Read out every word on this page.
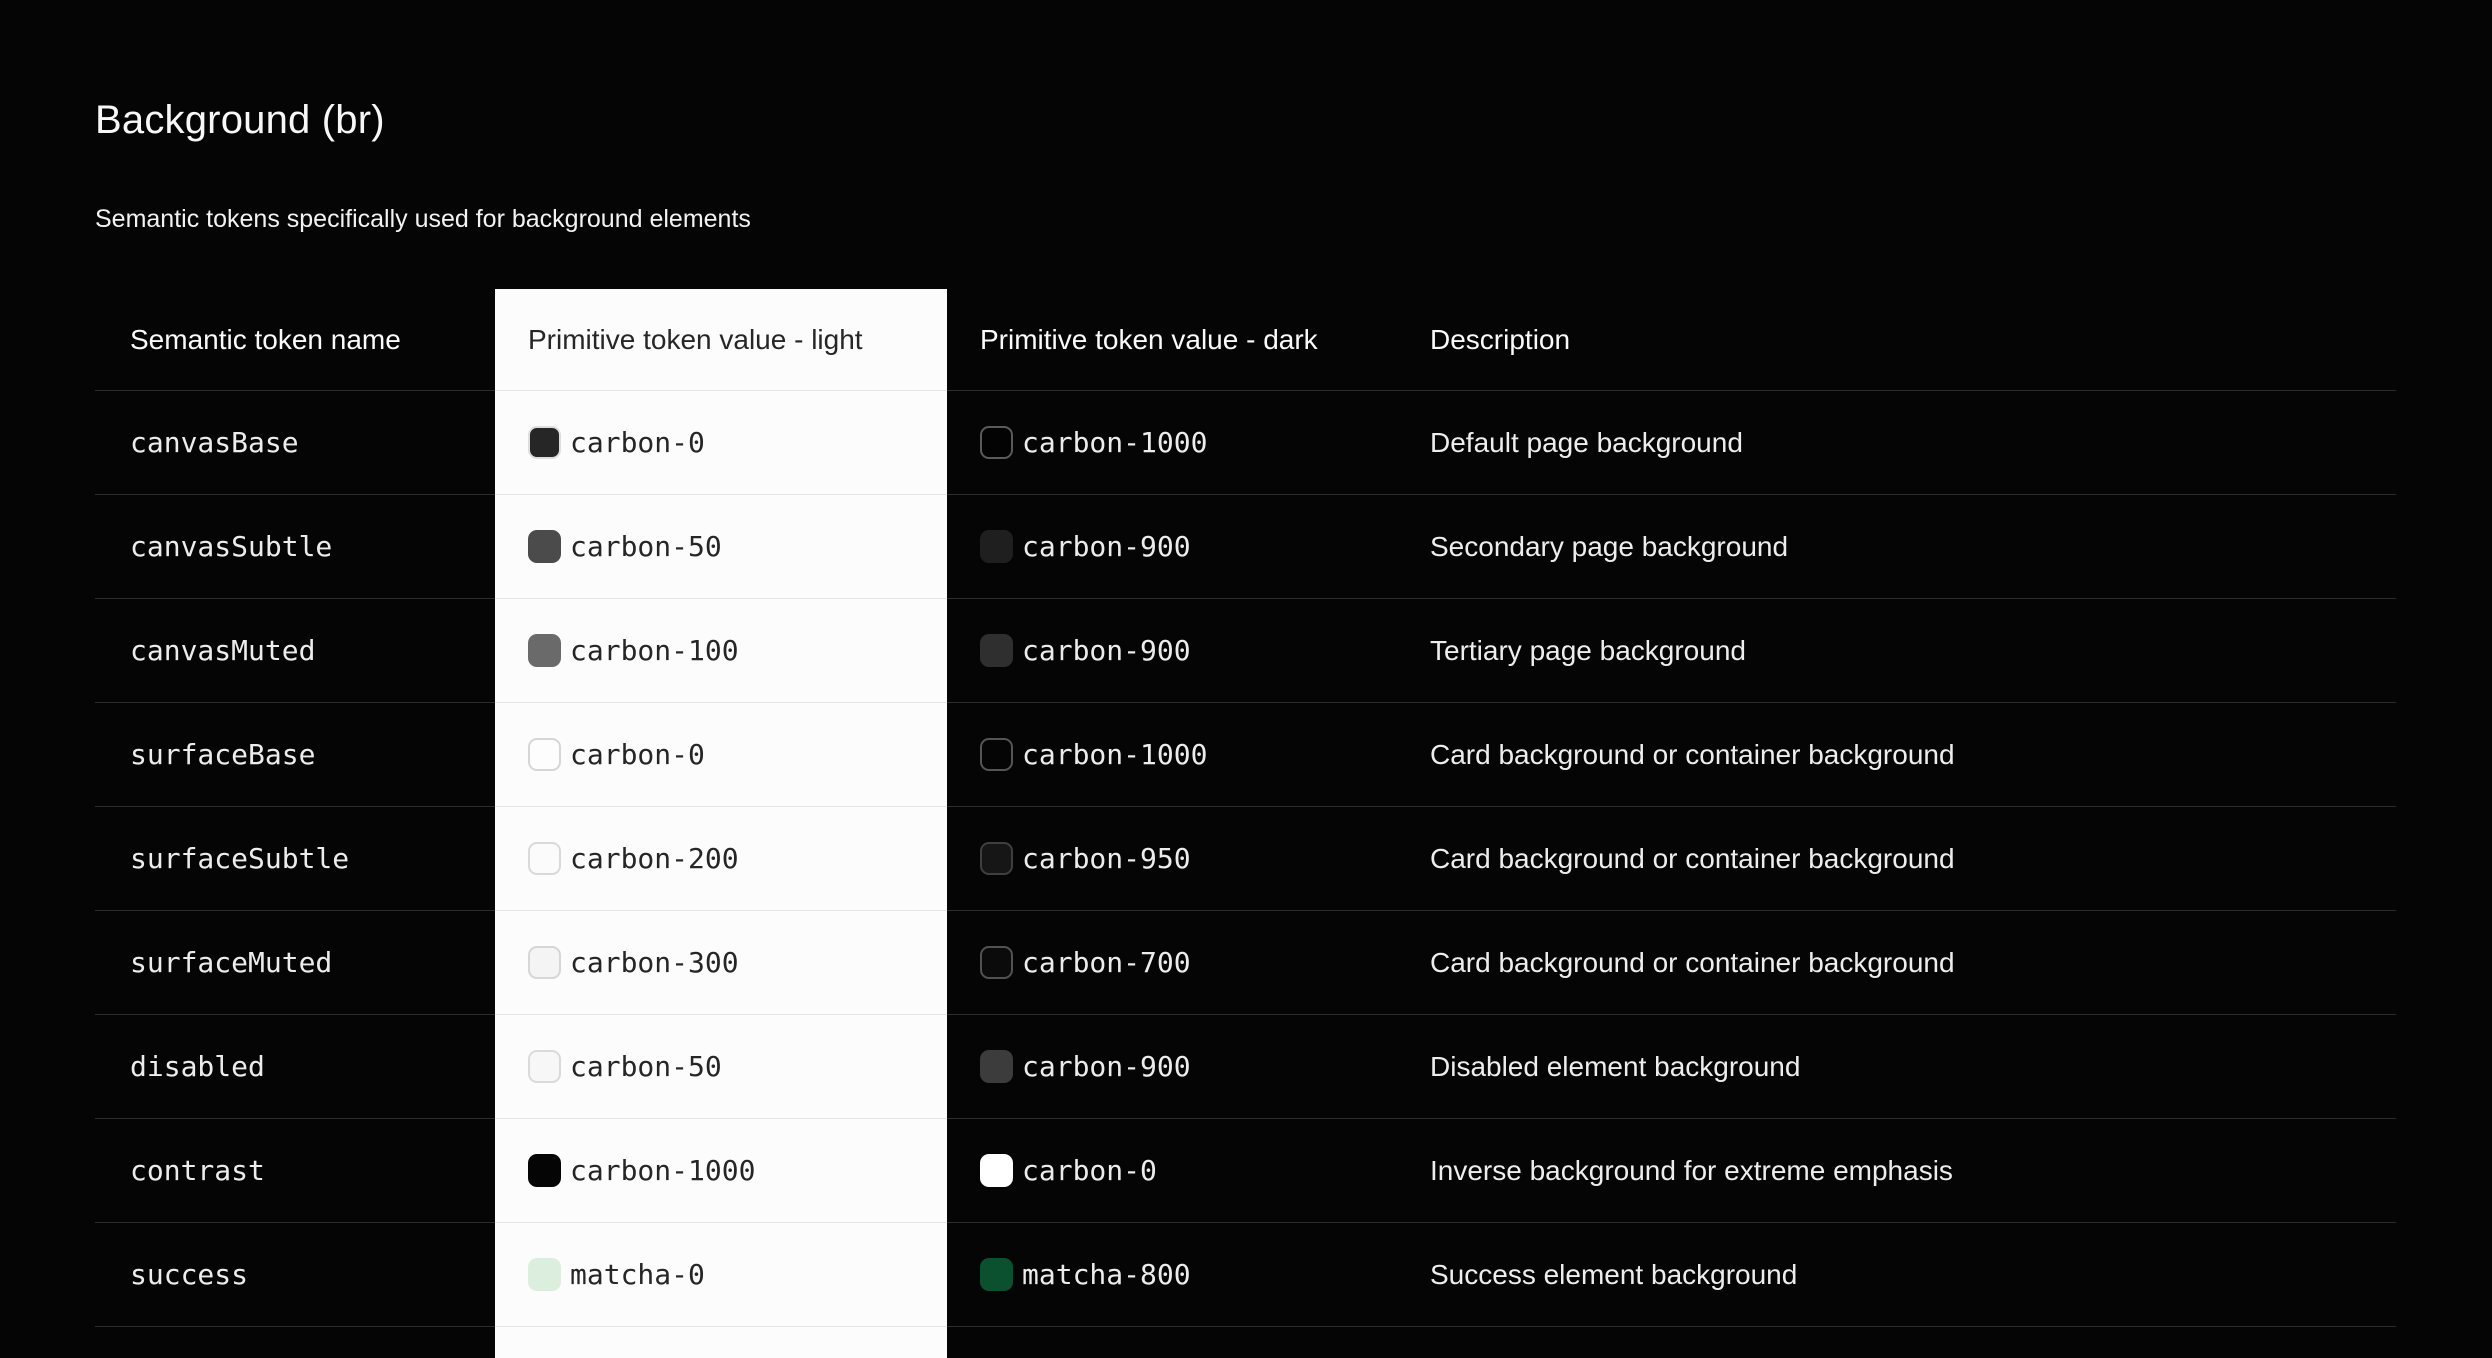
Background (br)

Semantic tokens specifically used for background elements

Semantic token name	Primitive token value - light	Primitive token value - dark	Description
canvasBase	carbon-0	carbon-1000	Default page background
canvasSubtle	carbon-50	carbon-900	Secondary page background
canvasMuted	carbon-100	carbon-900	Tertiary page background
surfaceBase	carbon-0	carbon-1000	Card background or container background
surfaceSubtle	carbon-200	carbon-950	Card background or container background
surfaceMuted	carbon-300	carbon-700	Card background or container background
disabled	carbon-50	carbon-900	Disabled element background
contrast	carbon-1000	carbon-0	Inverse background for extreme emphasis
success	matcha-0	matcha-800	Success element background
